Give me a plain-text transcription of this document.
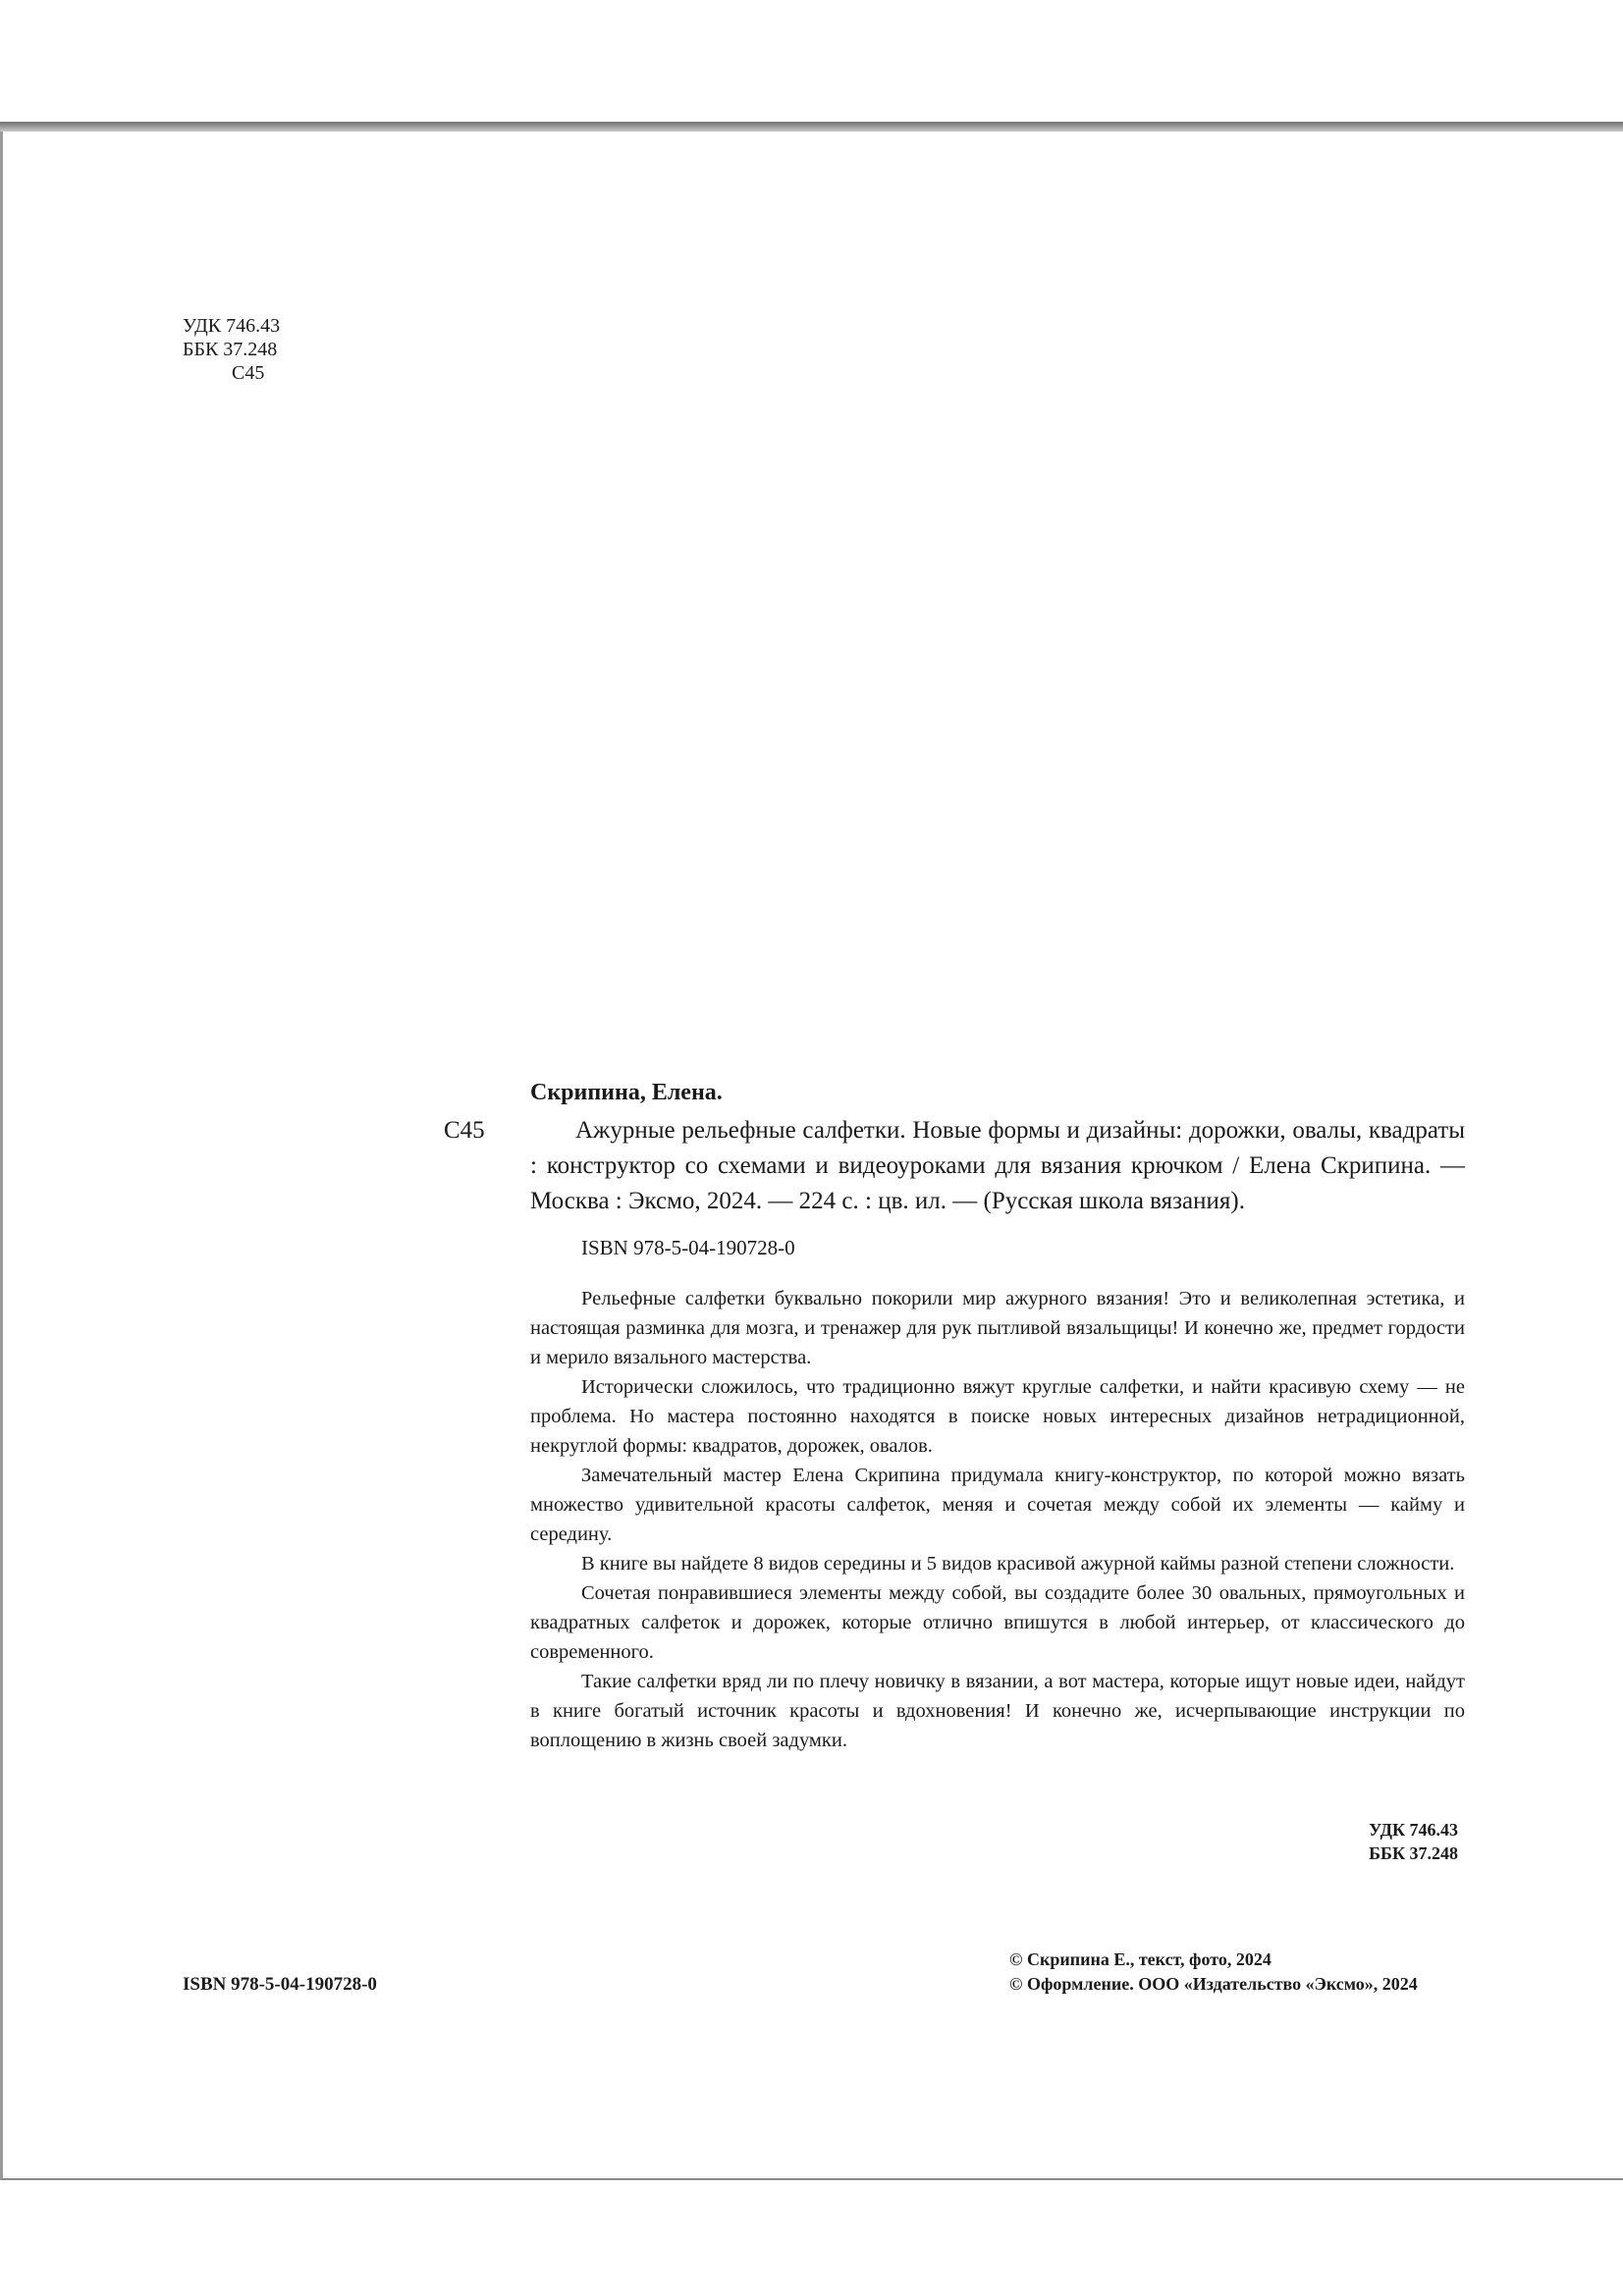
УДК 746.43
ББК 37.248
С45
С45
Скрипина, Елена.

Ажурные рельефные салфетки. Новые формы и дизайны: дорожки, овалы, квадраты : конструктор со схемами и видеоуроками для вязания крючком / Елена Скрипина. — Москва : Эксмо, 2024. — 224 с. : цв. ил. — (Русская школа вязания).

ISBN 978-5-04-190728-0

Рельефные салфетки буквально покорили мир ажурного вязания! Это и великолепная эстетика, и настоящая разминка для мозга, и тренажер для рук пытливой вязальщицы! И конечно же, предмет гордости и мерило вязального мастерства.

Исторически сложилось, что традиционно вяжут круглые салфетки, и найти красивую схему — не проблема. Но мастера постоянно находятся в поиске новых интересных дизайнов нетрадиционной, некруглой формы: квадратов, дорожек, овалов.

Замечательный мастер Елена Скрипина придумала книгу-конструктор, по которой можно вязать множество удивительной красоты салфеток, меняя и сочетая между собой их элементы — кайму и середину.

В книге вы найдете 8 видов середины и 5 видов красивой ажурной каймы разной степени сложности.

Сочетая понравившиеся элементы между собой, вы создадите более 30 овальных, прямоугольных и квадратных салфеток и дорожек, которые отлично впишутся в любой интерьер, от классического до современного.

Такие салфетки вряд ли по плечу новичку в вязании, а вот мастера, которые ищут новые идеи, найдут в книге богатый источник красоты и вдохновения! И конечно же, исчерпывающие инструкции по воплощению в жизнь своей задумки.

УДК 746.43
ББК 37.248
ISBN 978-5-04-190728-0
© Скрипина Е., текст, фото, 2024
© Оформление. ООО «Издательство «Эксмо», 2024
